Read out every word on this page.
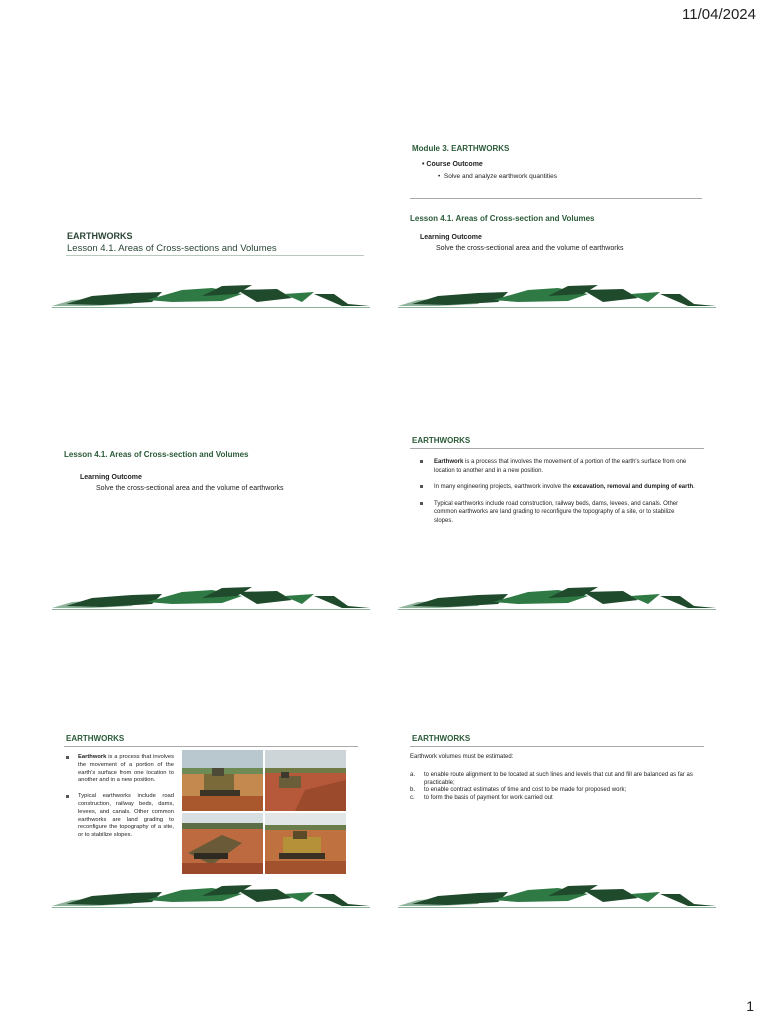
11/04/2024
EARTHWORKS
Lesson 4.1. Areas of Cross-sections and Volumes
Module 3. EARTHWORKS
• Course Outcome
•  Solve and analyze earthwork quantities
Lesson 4.1. Areas of Cross-section and Volumes
Learning Outcome
Solve the cross-sectional area and the volume of earthworks
Lesson 4.1. Areas of Cross-section and Volumes
Learning Outcome
Solve the cross-sectional area and the volume of earthworks
EARTHWORKS
Earthwork is a process that involves the movement of a portion of the earth's surface from one location to another and in a new position.
In many engineering projects, earthwork involve the excavation, removal and dumping of earth.
Typical earthworks include road construction, railway beds, dams, levees, and canals. Other common earthworks are land grading to reconfigure the topography of a site, or to stabilize slopes.
EARTHWORKS
Earthwork is a process that involves the movement of a portion of the earth's surface from one location to another and in a new position.
Typical earthworks include road construction, railway beds, dams, levees, and canals. Other common earthworks are land grading to reconfigure the topography of a site, or to stabilize slopes.
EARTHWORKS
Earthwork volumes must be estimated:
a. to enable route alignment to be located at such lines and levels that cut and fill are balanced as far as practicable;
b. to enable contract estimates of time and cost to be made for proposed work;
c. to form the basis of payment for work carried out
1
